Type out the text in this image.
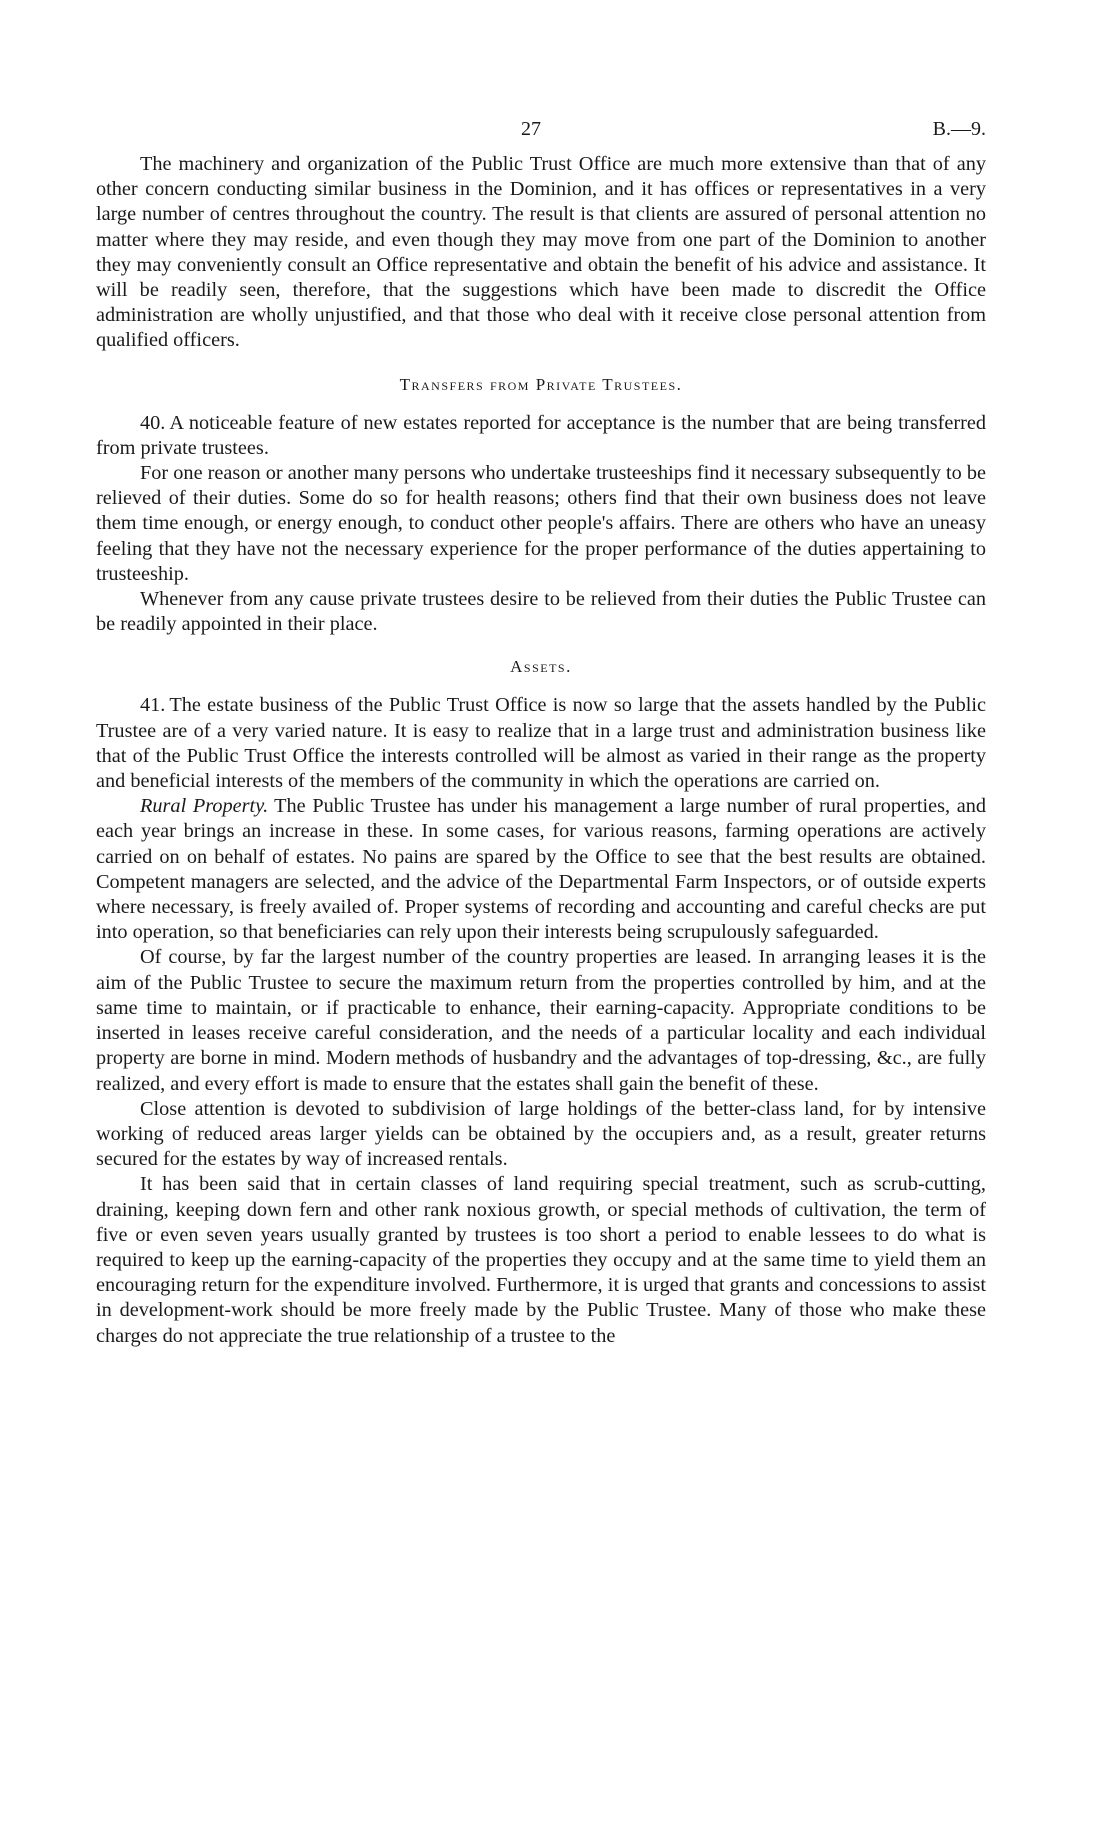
27	B.—9.

The machinery and organization of the Public Trust Office are much more extensive than that of any other concern conducting similar business in the Dominion, and it has offices or representatives in a very large number of centres throughout the country. The result is that clients are assured of personal attention no matter where they may reside, and even though they may move from one part of the Dominion to another they may conveniently consult an Office representative and obtain the benefit of his advice and assistance. It will be readily seen, therefore, that the suggestions which have been made to discredit the Office administration are wholly unjustified, and that those who deal with it receive close personal attention from qualified officers.

Transfers from Private Trustees.

40. A noticeable feature of new estates reported for acceptance is the number that are being transferred from private trustees.

For one reason or another many persons who undertake trusteeships find it necessary subsequently to be relieved of their duties. Some do so for health reasons; others find that their own business does not leave them time enough, or energy enough, to conduct other people's affairs. There are others who have an uneasy feeling that they have not the necessary experience for the proper performance of the duties appertaining to trusteeship.

Whenever from any cause private trustees desire to be relieved from their duties the Public Trustee can be readily appointed in their place.

Assets.

41. The estate business of the Public Trust Office is now so large that the assets handled by the Public Trustee are of a very varied nature. It is easy to realize that in a large trust and administration business like that of the Public Trust Office the interests controlled will be almost as varied in their range as the property and beneficial interests of the members of the community in which the operations are carried on.

Rural Property. The Public Trustee has under his management a large number of rural properties, and each year brings an increase in these. In some cases, for various reasons, farming operations are actively carried on on behalf of estates. No pains are spared by the Office to see that the best results are obtained. Competent managers are selected, and the advice of the Departmental Farm Inspectors, or of outside experts where necessary, is freely availed of. Proper systems of recording and accounting and careful checks are put into operation, so that beneficiaries can rely upon their interests being scrupulously safeguarded.

Of course, by far the largest number of the country properties are leased. In arranging leases it is the aim of the Public Trustee to secure the maximum return from the properties controlled by him, and at the same time to maintain, or if practicable to enhance, their earning-capacity. Appropriate conditions to be inserted in leases receive careful consideration, and the needs of a particular locality and each individual property are borne in mind. Modern methods of husbandry and the advantages of top-dressing, &c., are fully realized, and every effort is made to ensure that the estates shall gain the benefit of these.

Close attention is devoted to subdivision of large holdings of the better-class land, for by intensive working of reduced areas larger yields can be obtained by the occupiers and, as a result, greater returns secured for the estates by way of increased rentals.

It has been said that in certain classes of land requiring special treatment, such as scrub-cutting, draining, keeping down fern and other rank noxious growth, or special methods of cultivation, the term of five or even seven years usually granted by trustees is too short a period to enable lessees to do what is required to keep up the earning-capacity of the properties they occupy and at the same time to yield them an encouraging return for the expenditure involved. Furthermore, it is urged that grants and concessions to assist in development-work should be more freely made by the Public Trustee. Many of those who make these charges do not appreciate the true relationship of a trustee to the
